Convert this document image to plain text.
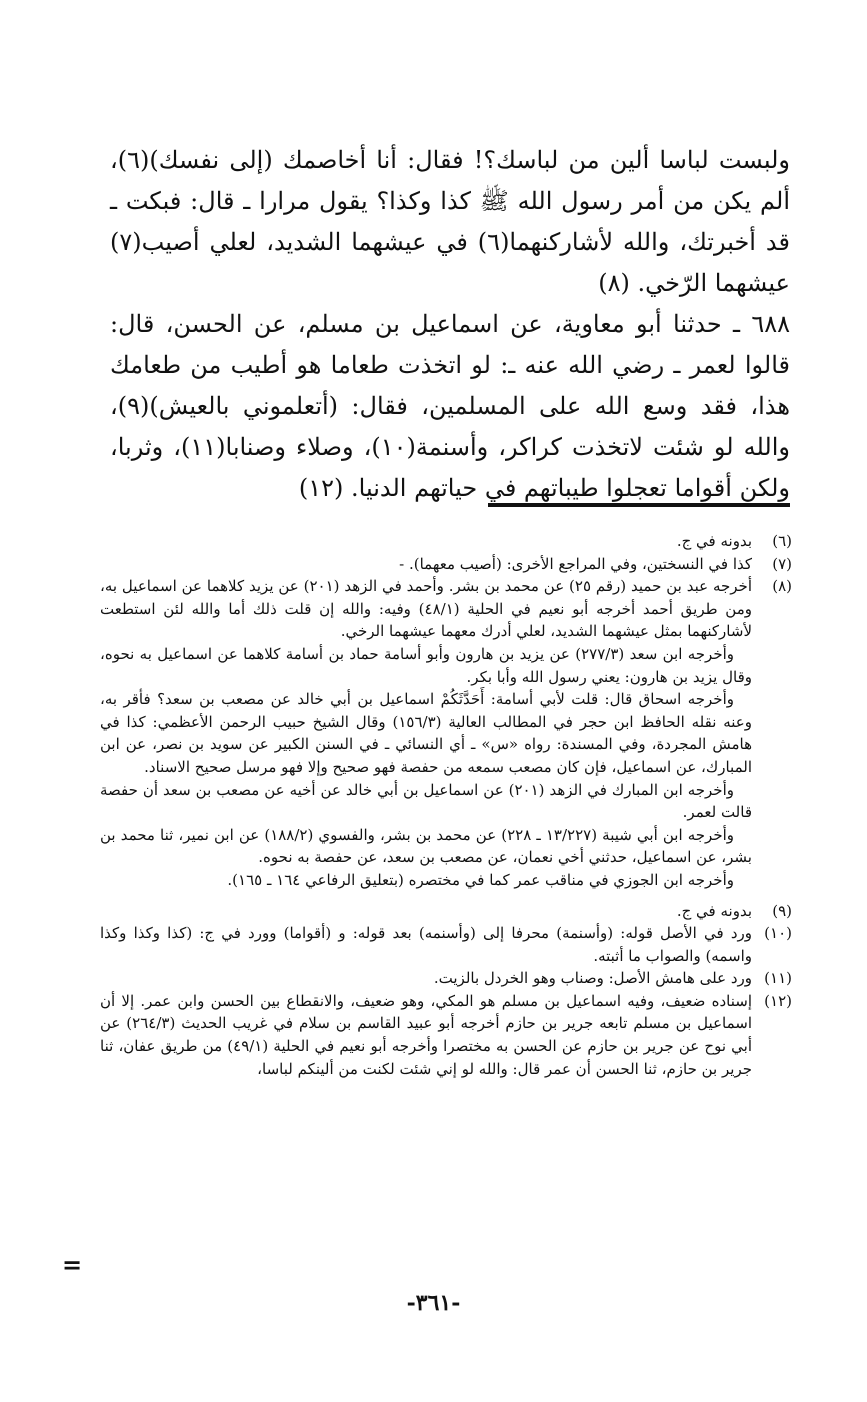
ولبست لباسا ألين من لباسك؟! فقال: أنا أخاصمك (إلى نفسك)(٦)، ألم يكن من أمر رسول الله ﷺ كذا وكذا؟ يقول مرارا ـ قال: فبكت ـ قد أخبرتك، والله لأشاركنهما(٦) في عيشهما الشديد، لعلي أصيب(٧) عيشهما الرّخي. (٨)

٦٨٨ ـ حدثنا أبو معاوية، عن اسماعيل بن مسلم، عن الحسن، قال: قالوا لعمر ـ رضي الله عنه ـ: لو اتخذت طعاما هو أطيب من طعامك هذا، فقد وسع الله على المسلمين، فقال: (أتعلموني بالعيش)(٩)، والله لو شئت لاتخذت كراكر، وأسنمة(١٠)، وصلاء وصنابا(١١)، وثربا، ولكن أقواما تعجلوا طيباتهم في حياتهم الدنيا. (١٢)

(٦)

بدونه في ج.

(٧)

كذا في النسختين، وفي المراجع الأخرى: (أصيب معهما). -

(٨)

أخرجه عبد بن حميد (رقم ٢٥) عن محمد بن بشر. وأحمد في الزهد (٢٠١) عن يزيد كلاهما عن اسماعيل به، ومن طريق أحمد أخرجه أبو نعيم في الحلية (٤٨/١) وفيه: والله إن قلت ذلك أما والله لئن استطعت لأشاركنهما بمثل عيشهما الشديد، لعلي أدرك معهما عيشهما الرخي.

وأخرجه ابن سعد (٢٧٧/٣) عن يزيد بن هارون وأبو أسامة حماد بن أسامة كلاهما عن اسماعيل به نحوه، وقال يزيد بن هارون: يعني رسول الله وأبا بكر.

وأخرجه اسحاق قال: قلت لأبي أسامة: أَحَدَّثَكُمْ اسماعيل بن أبي خالد عن مصعب بن سعد؟ فأقر به، وعنه نقله الحافظ ابن حجر في المطالب العالية (١٥٦/٣) وقال الشيخ حبيب الرحمن الأعظمي: كذا في هامش المجردة، وفي المسندة: رواه «س» ـ أي النسائي ـ في السنن الكبير عن سويد بن نصر، عن ابن المبارك، عن اسماعيل، فإن كان مصعب سمعه من حفصة فهو صحيح وإلا فهو مرسل صحيح الاسناد.

وأخرجه ابن المبارك في الزهد (٢٠١) عن اسماعيل بن أبي خالد عن أخيه عن مصعب بن سعد أن حفصة قالت لعمر.

وأخرجه ابن أبي شيبة (١٣/٢٢٧ ـ ٢٢٨) عن محمد بن بشر، والفسوي (١٨٨/٢) عن ابن نمير، ثنا محمد بن بشر، عن اسماعيل، حدثني أخي نعمان، عن مصعب بن سعد، عن حفصة به نحوه.

وأخرجه ابن الجوزي في مناقب عمر كما في مختصره (بتعليق الرفاعي ١٦٤ ـ ١٦٥).

(٩)

بدونه في ج.

(١٠)

ورد في الأصل قوله: (وأسنمة) محرفا إلى (وأسنمه) بعد قوله: و (أقواما) وورد في ج: (كذا وكذا وكذا واسمه) والصواب ما أثبته.

(١١)

ورد على هامش الأصل: وصناب وهو الخردل بالزيت.

(١٢)

إسناده ضعيف، وفيه اسماعيل بن مسلم هو المكي، وهو ضعيف، والانقطاع بين الحسن وابن عمر. إلا أن اسماعيل بن مسلم تابعه جرير بن حازم أخرجه أبو عبيد القاسم بن سلام في غريب الحديث (٢٦٤/٣) عن أبي نوح عن جرير بن حازم عن الحسن به مختصرا وأخرجه أبو نعيم في الحلية (٤٩/١) من طريق عفان، ثنا جرير بن حازم، ثنا الحسن أن عمر قال: والله لو إني شئت لكنت من ألينكم لباسا،

=
-٣٦١-
